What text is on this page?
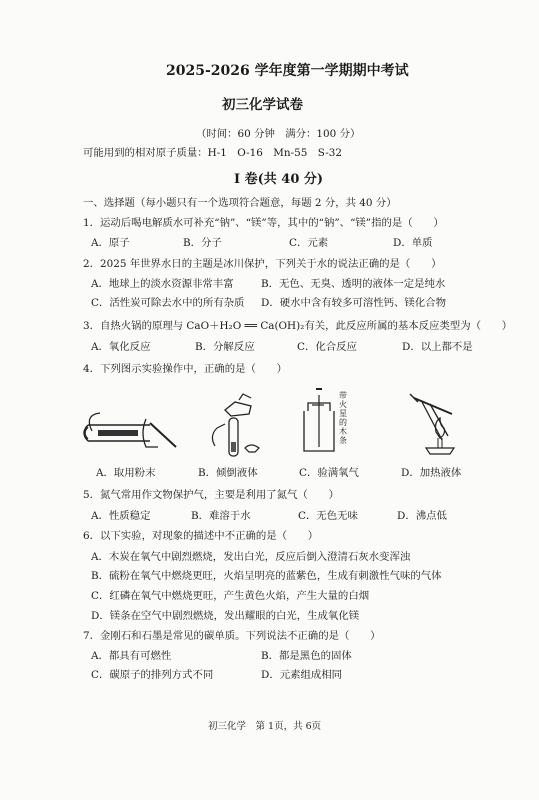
2025-2026 学年度第一学期期中考试
初三化学试卷
（时间：60 分钟　满分：100 分）
可能用到的相对原子质量：H-1　O-16　Mn-55　S-32
I 卷(共 40 分)
一、选择题（每小题只有一个选项符合题意，每题 2 分，共 40 分）
1．运动后喝电解质水可补充“钠”、“镁”等，其中的“钠”、“镁”指的是（　　）
A．原子	B．分子	C．元素	D．单质
2．2025 年世界水日的主题是冰川保护，下列关于水的说法正确的是（　　）
A．地球上的淡水资源非常丰富	B．无色、无臭、透明的液体一定是纯水
C．活性炭可除去水中的所有杂质 D．硬水中含有较多可溶性钙、镁化合物
3．自热火锅的原理与 CaO＋H₂O ══ Ca(OH)₂有关，此反应所属的基本反应类型为（　　）
A．氧化反应	B．分解反应	C．化合反应	D．以上都不是
4．下列图示实验操作中，正确的是（　　）
带火星的木条
A．取用粉末	B．倾倒液体	C．验满氧气	D．加热液体
5．氮气常用作文物保护气，主要是利用了氮气（　　）
A．性质稳定	B．难溶于水	C．无色无味	D．沸点低
6．以下实验，对现象的描述中不正确的是（　　）
A．木炭在氧气中剧烈燃烧，发出白光，反应后倒入澄清石灰水变浑浊
B．硫粉在氧气中燃烧更旺，火焰呈明亮的蓝紫色，生成有刺激性气味的气体
C．红磷在氧气中燃烧更旺，产生黄色火焰，产生大量的白烟
D．镁条在空气中剧烈燃烧，发出耀眼的白光，生成氧化镁
7．金刚石和石墨是常见的碳单质。下列说法不正确的是（　　）
A．都具有可燃性	B．都是黑色的固体
C．碳原子的排列方式不同	D．元素组成相同
初三化学　第 1页，共 6页
